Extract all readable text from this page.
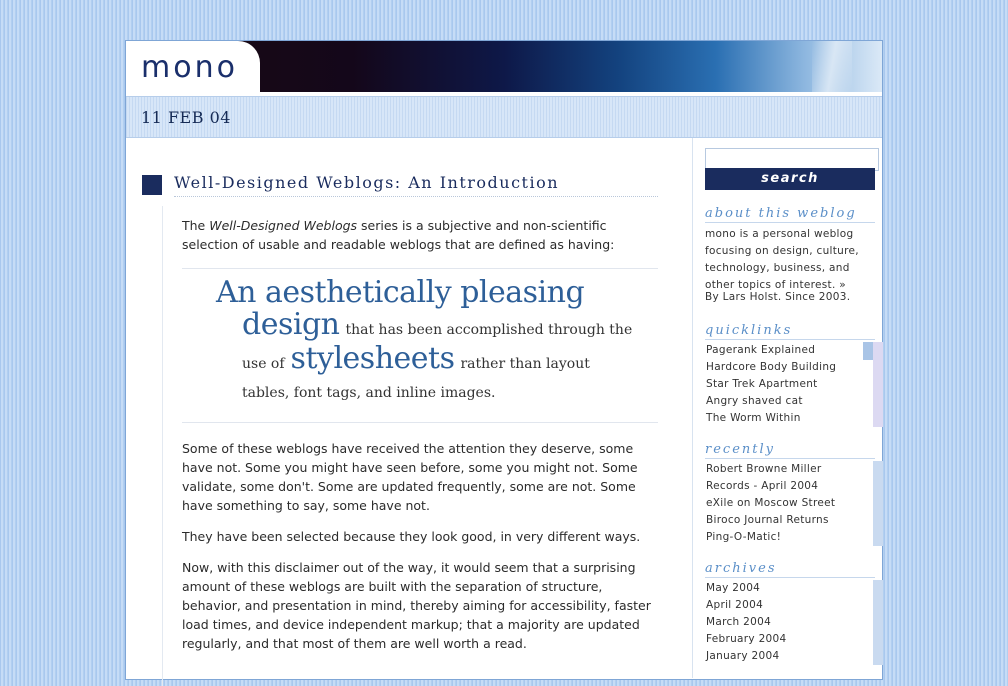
mono
11 FEB 04
Well-Designed Weblogs: An Introduction

The Well-Designed Weblogs series is a subjective and non-scientific selection of usable and readable weblogs that are defined as having:

An aesthetically pleasing
design that has been accomplished through the
use of stylesheets rather than layout
tables, font tags, and inline images.

Some of these weblogs have received the attention they deserve, some have not. Some you might have seen before, some you might not. Some validate, some don't. Some are updated frequently, some are not. Some have something to say, some have not.

They have been selected because they look good, in very different ways.

Now, with this disclaimer out of the way, it would seem that a surprising amount of these weblogs are built with the separation of structure, behavior, and presentation in mind, thereby aiming for accessibility, faster load times, and device independent markup; that a majority are updated regularly, and that most of them are well worth a read.

search
about this weblog
mono is a personal weblog focusing on design, culture, technology, business, and other topics of interest. »
By Lars Holst. Since 2003.
quicklinks
Pagerank Explained
Hardcore Body Building
Star Trek Apartment
Angry shaved cat
The Worm Within
recently
Robert Browne Miller
Records - April 2004
eXile on Moscow Street
Biroco Journal Returns
Ping-O-Matic!
archives
May 2004
April 2004
March 2004
February 2004
January 2004
